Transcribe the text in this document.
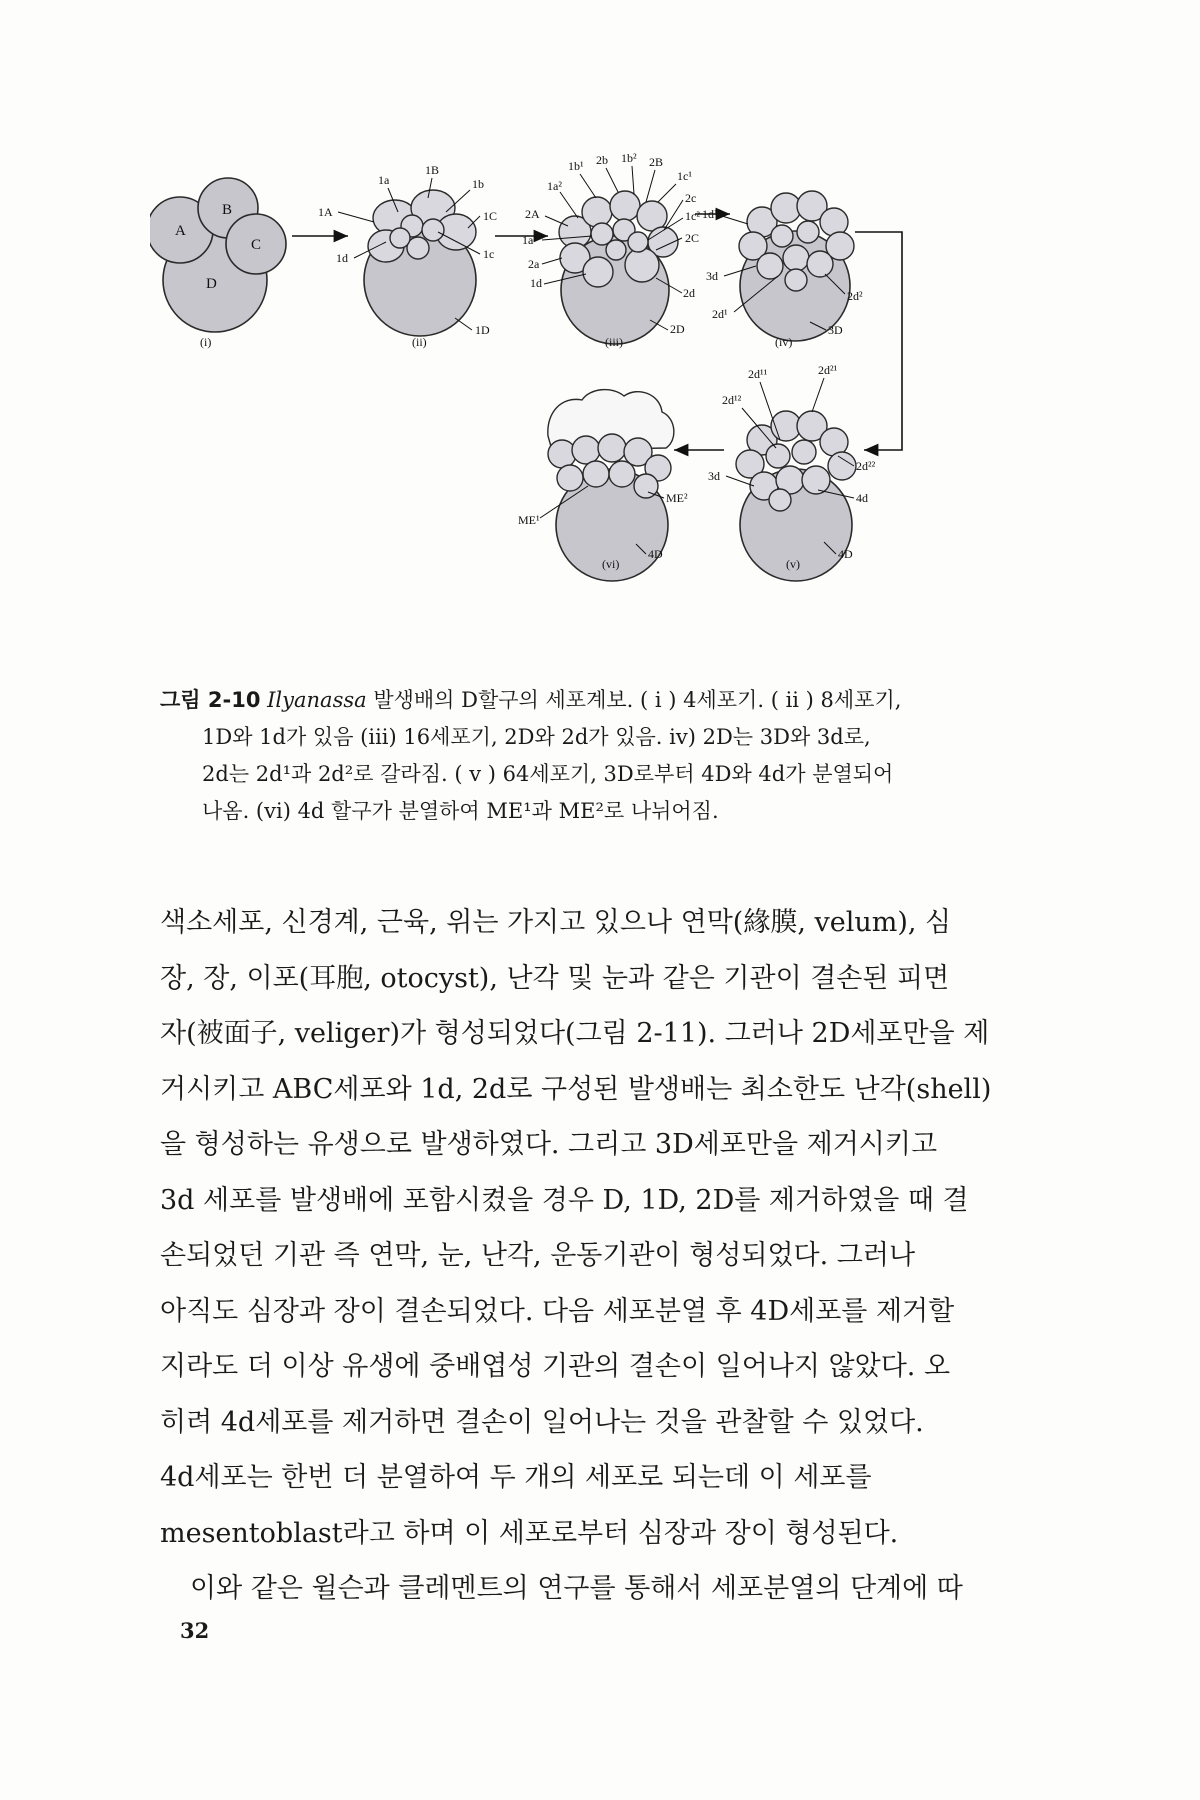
A
B
C
D
(i)
1B
1a	1b
1A	1C
1c
1d
1D
(ii)
1a²
1b¹ 2b 1b² 2B
1c¹
2c
1c²
2A
1a¹	2C
2a
1d
2d
2D
(iii)
1d¹
3d
2d¹
2d²
3D
(iv)
2d¹¹	2d²¹
2d¹²
2d²²
3d
4d
4D
(v)
ME²
ME¹
4D
(vi)
그림 2-10 Ilyanassa 발생배의 D할구의 세포계보. ( i ) 4세포기. ( ii ) 8세포기,
1D와 1d가 있음 (iii) 16세포기, 2D와 2d가 있음. iv) 2D는 3D와 3d로,
2d는 2d¹과 2d²로 갈라짐. ( v ) 64세포기, 3D로부터 4D와 4d가 분열되어
나옴. (vi) 4d 할구가 분열하여 ME¹과 ME²로 나뉘어짐.
색소세포, 신경계, 근육, 위는 가지고 있으나 연막(緣膜, velum), 심
장, 장, 이포(耳胞, otocyst), 난각 및 눈과 같은 기관이 결손된 피면
자(被面子, veliger)가 형성되었다(그림 2-11). 그러나 2D세포만을 제
거시키고 ABC세포와 1d, 2d로 구성된 발생배는 최소한도 난각(shell)
을 형성하는 유생으로 발생하였다. 그리고 3D세포만을 제거시키고
3d 세포를 발생배에 포함시켰을 경우 D, 1D, 2D를 제거하였을 때 결
손되었던 기관 즉 연막, 눈, 난각, 운동기관이 형성되었다. 그러나
아직도 심장과 장이 결손되었다. 다음 세포분열 후 4D세포를 제거할
지라도 더 이상 유생에 중배엽성 기관의 결손이 일어나지 않았다. 오
히려 4d세포를 제거하면 결손이 일어나는 것을 관찰할 수 있었다.
4d세포는 한번 더 분열하여 두 개의 세포로 되는데 이 세포를
mesentoblast라고 하며 이 세포로부터 심장과 장이 형성된다.
이와 같은 윌슨과 클레멘트의 연구를 통해서 세포분열의 단계에 따
32
